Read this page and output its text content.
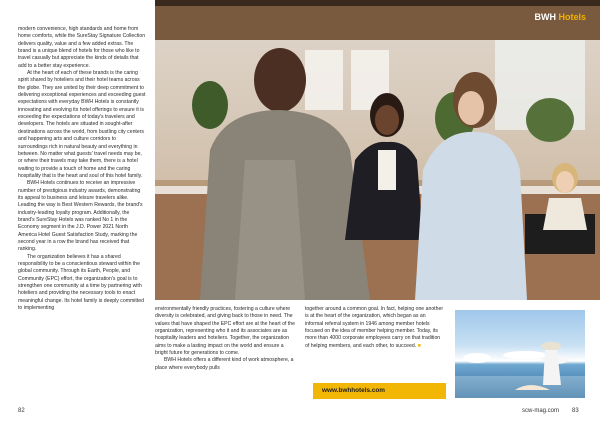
modern convenience, high standards and home from home comforts, while the SureStay Signature Collection delivers quality, value and a few added extras. The brand is a unique blend of hotels for those who like to travel casually but appreciate the kinds of details that add to a better stay experience.

At the heart of each of these brands is the caring spirit shared by hoteliers and their hotel teams across the globe. They are united by their deep commitment to delivering exceptional experiences and exceeding guest expectations with everyday BWH Hotels is constantly innovating and evolving its hotel offerings to ensure it is exceeding the expectations of today's travelers and developers. The hotels are situated in sought-after destinations across the world, from bustling city centers and happening arts and culture corridors to surroundings rich in natural beauty and everything in between. No matter what guests' travel needs may be, or where their travels may take them, there is a hotel waiting to provide a touch of home and the caring hospitality that is the heart and soul of this hotel family.

BWH Hotels continues to receive an impressive number of prestigious industry awards, demonstrating its appeal to business and leisure travelers alike. Leading the way is Best Western Rewards, the brand's industry-leading loyalty program. Additionally, the brand's SureStay Hotels was ranked No 1 in the Economy segment in the J.D. Power 2021 North America Hotel Guest Satisfaction Study, marking the second year in a row the brand has received that ranking.

The organization believes it has a shared responsibility to be a conscientious steward within the global community. Through its Earth, People, and Community (EPC) effort, the organization's goal is to strengthen one community at a time by partnering with hoteliers and providing the necessary tools to enact meaningful change. Its hotel family is deeply committed to implementing

BWH Hotels

environmentally friendly practices, fostering a culture where diversity is celebrated, and giving back to those in need. The values that have shaped the EPC effort are at the heart of the organization, representing who it and its associates are as hospitality leaders and hoteliers. Together, the organization aims to make a lasting impact on the world and ensure a bright future for generations to come.

BWH Hotels offers a different kind of work atmosphere, a place where everybody pulls

together around a common goal. In fact, helping one another is at the heart of the organization, which began as an informal referral system in 1946 among member hotels focused on the idea of member helping member. Today, its more than 4000 corporate employees carry on that tradition of helping members, and each other, to succeed. ■

www.bwhhotels.com
82	scw-mag.com 83
